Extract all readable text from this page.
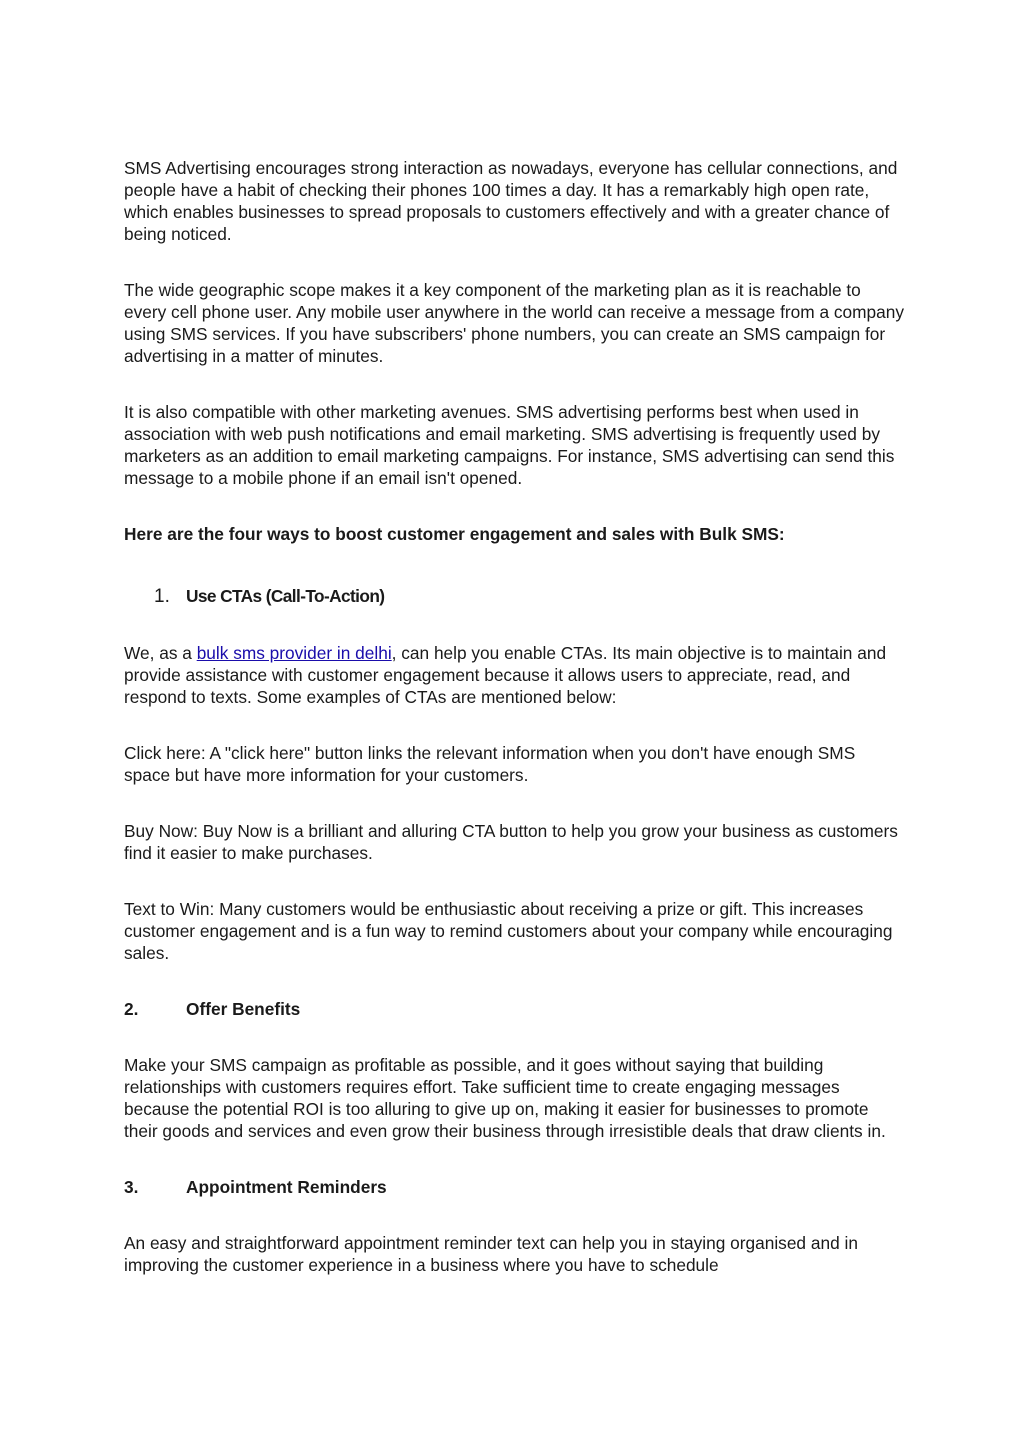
SMS Advertising encourages strong interaction as nowadays, everyone has cellular connections, and people have a habit of checking their phones 100 times a day. It has a remarkably high open rate, which enables businesses to spread proposals to customers effectively and with a greater chance of being noticed.

The wide geographic scope makes it a key component of the marketing plan as it is reachable to every cell phone user. Any mobile user anywhere in the world can receive a message from a company using SMS services. If you have subscribers' phone numbers, you can create an SMS campaign for advertising in a matter of minutes.

It is also compatible with other marketing avenues. SMS advertising performs best when used in association with web push notifications and email marketing. SMS advertising is frequently used by marketers as an addition to email marketing campaigns. For instance, SMS advertising can send this message to a mobile phone if an email isn't opened.

Here are the four ways to boost customer engagement and sales with Bulk SMS:

1. Use CTAs (Call-To-Action)

We, as a bulk sms provider in delhi, can help you enable CTAs. Its main objective is to maintain and provide assistance with customer engagement because it allows users to appreciate, read, and respond to texts. Some examples of CTAs are mentioned below:

Click here: A "click here" button links the relevant information when you don't have enough SMS space but have more information for your customers.

Buy Now: Buy Now is a brilliant and alluring CTA button to help you grow your business as customers find it easier to make purchases.

Text to Win: Many customers would be enthusiastic about receiving a prize or gift. This increases customer engagement and is a fun way to remind customers about your company while encouraging sales.

2.	Offer Benefits

Make your SMS campaign as profitable as possible, and it goes without saying that building relationships with customers requires effort. Take sufficient time to create engaging messages because the potential ROI is too alluring to give up on, making it easier for businesses to promote their goods and services and even grow their business through irresistible deals that draw clients in.

3.	Appointment Reminders

An easy and straightforward appointment reminder text can help you in staying organised and in improving the customer experience in a business where you have to schedule
